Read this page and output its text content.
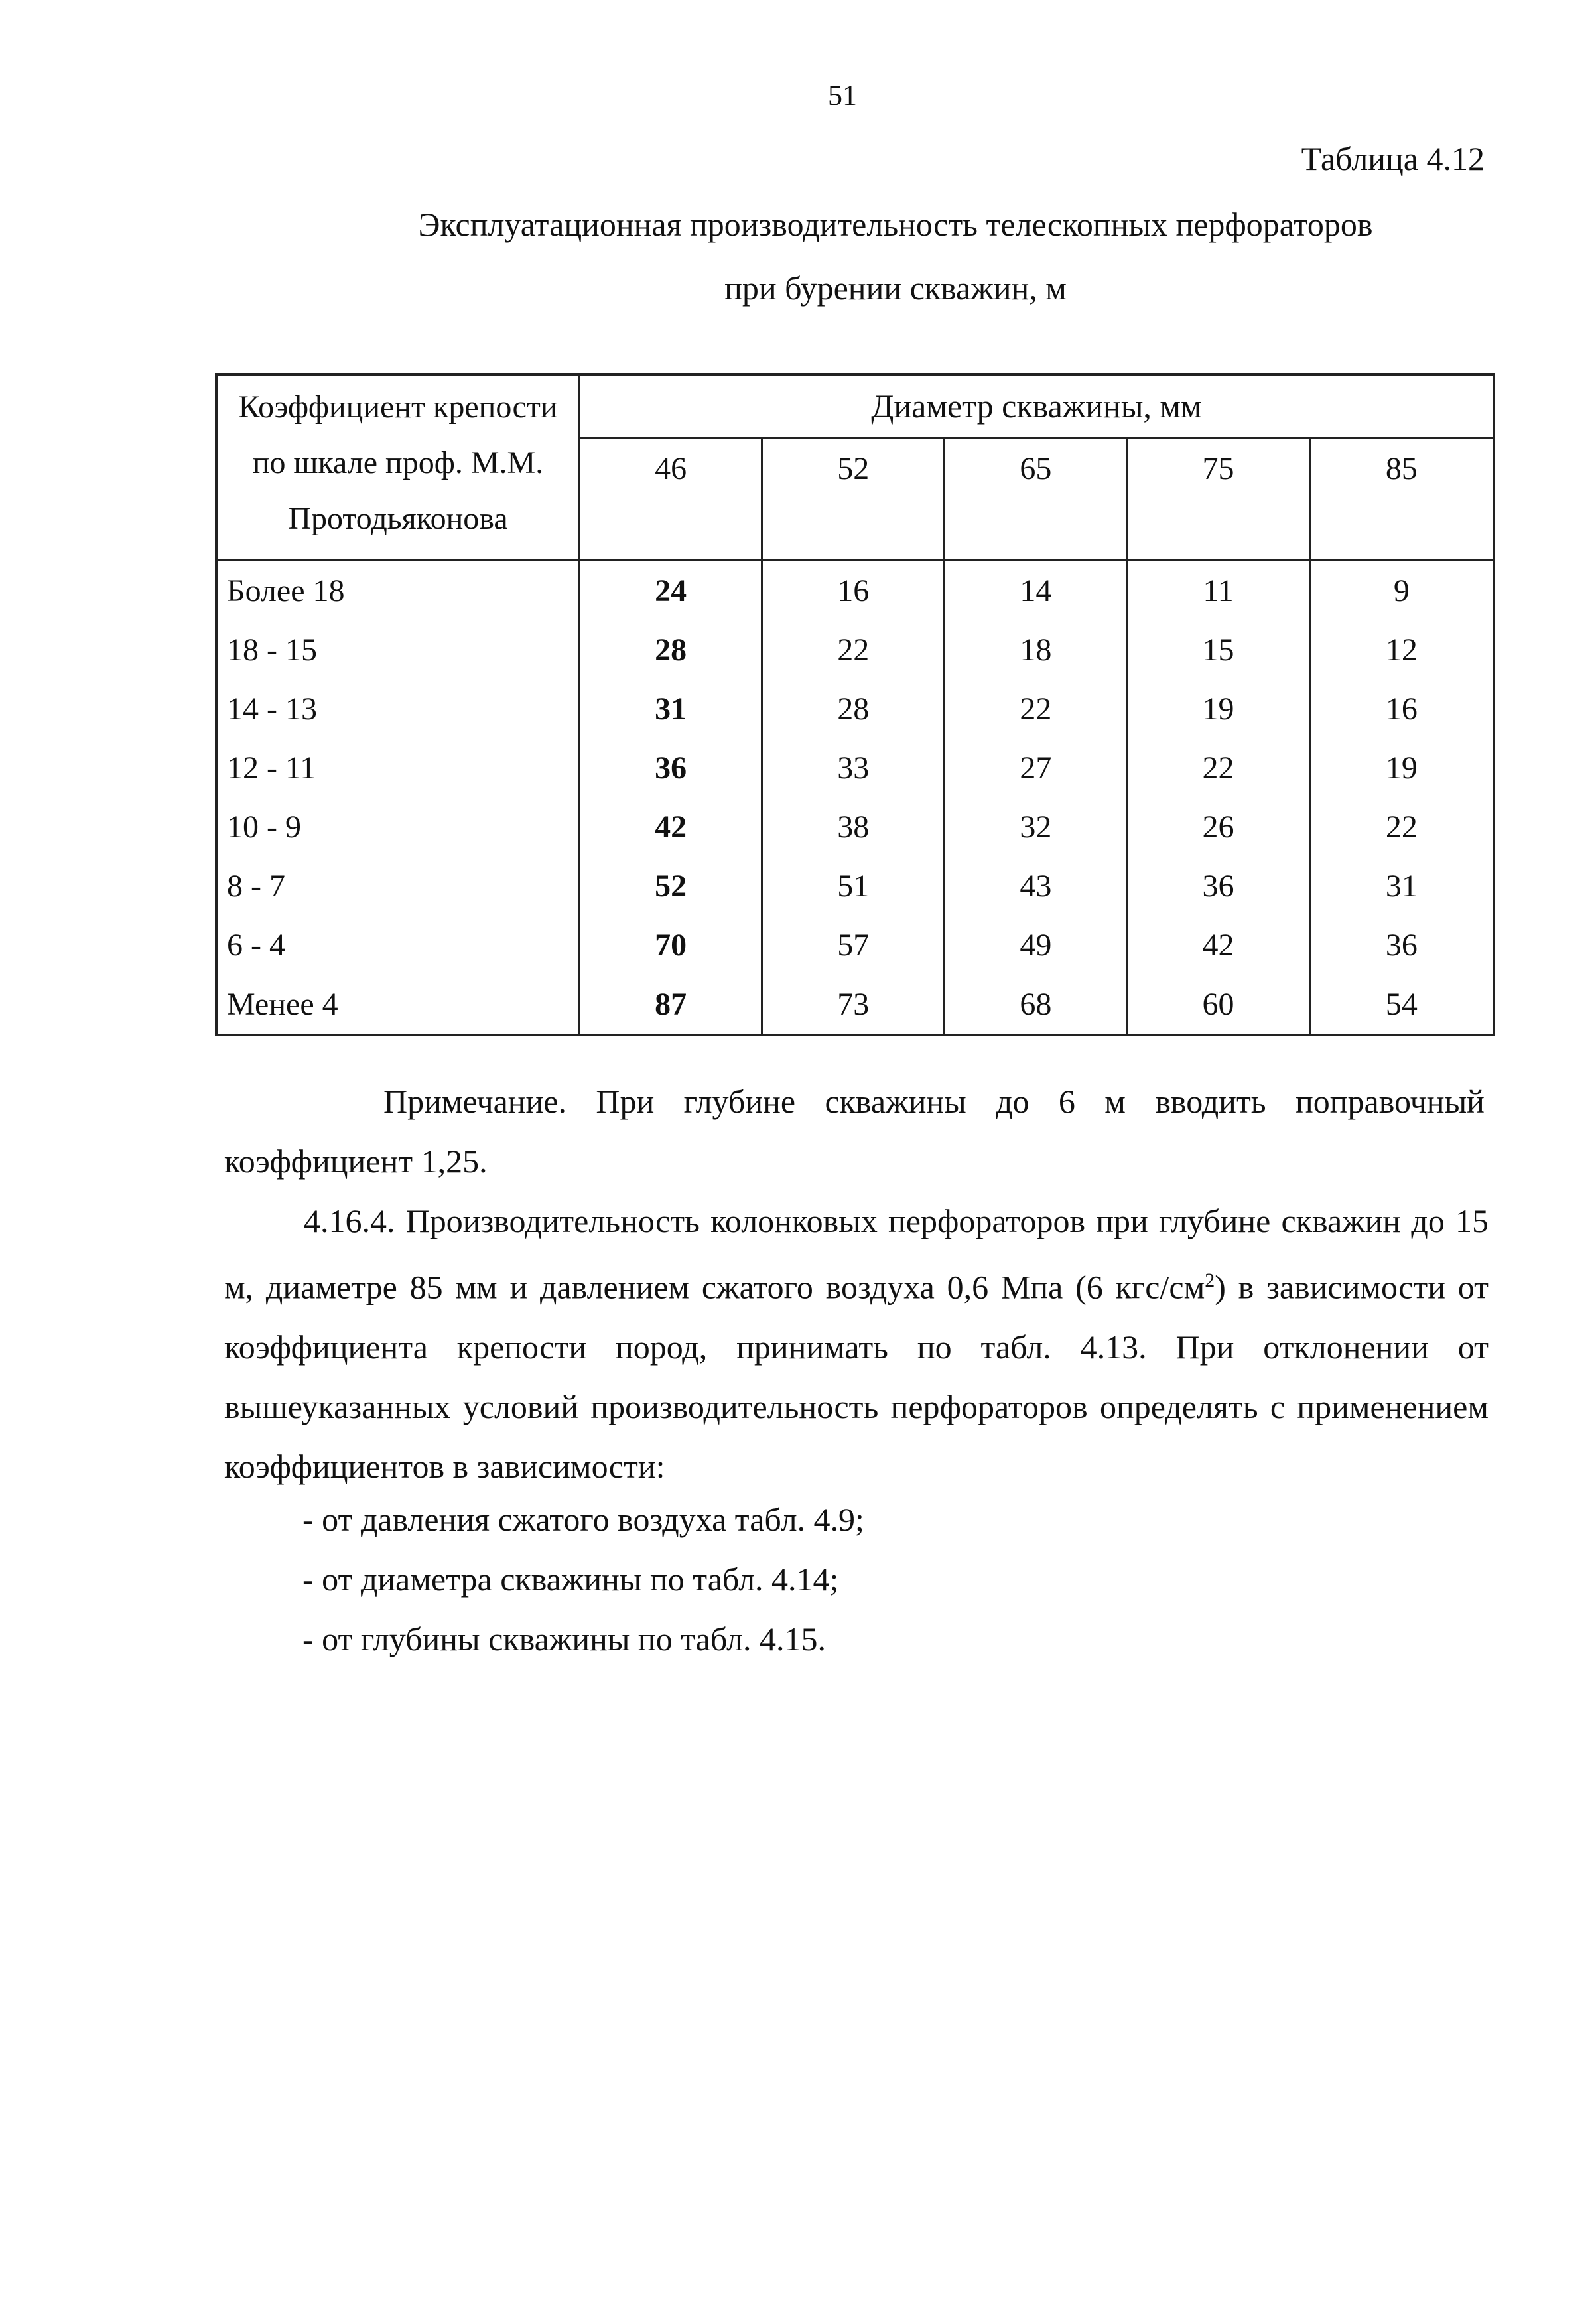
51
Таблица 4.12
Эксплуатационная производительность телескопных перфораторов
при бурении скважин, м
Коэффициент крепости
по шкале проф. М.М.
Протодьяконова	Диаметр скважины, мм				
	46	52	65	75	85
Более 18	24	16	14	11	9
18 - 15	28	22	18	15	12
14 - 13	31	28	22	19	16
12 - 11	36	33	27	22	19
10 - 9	42	38	32	26	22
8 - 7	52	51	43	36	31
6 - 4	70	57	49	42	36
Менее 4	87	73	68	60	54
Примечание. При глубине скважины до 6 м вводить поправочный
коэффициент 1,25.
4.16.4. Производительность колонковых перфораторов при глубине скважин до 15 м, диаметре 85 мм и давлением сжатого воздуха 0,6 Мпа (6 кгс/$см^2$) в зависимости от коэффициента крепости пород, принимать по табл. 4.13. При отклонении от вышеуказанных условий производительность перфораторов определять с применением коэффициентов в зависимости:
- от давления сжатого воздуха табл. 4.9;
- от диаметра скважины по табл. 4.14;
- от глубины скважины по табл. 4.15.
